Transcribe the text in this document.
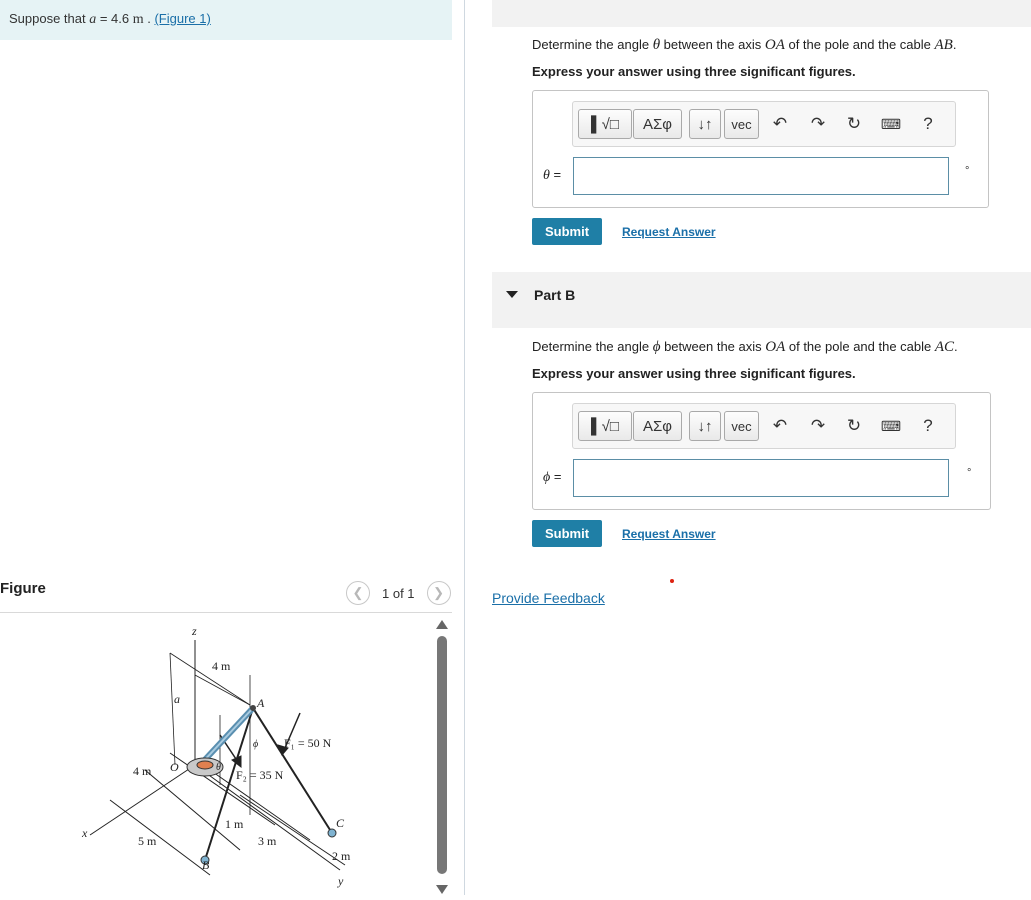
Suppose that a = 4.6 m . (Figure 1)
Figure	❮	1 of 1	❯
z
x
y
a
O
A
B
C
θ
ϕ
4 m
4 m
5 m
1 m
3 m
2 m
F₁ = 50 N
F₂ = 35 N
Determine the angle θ between the axis OA of the pole and the cable AB.
Express your answer using three significant figures.
▌√□ ΑΣφ ↓↑ vec ↶ ↷ ↻	⌨ ?
θ =	°
Submit	Request Answer
Part B
Determine the angle ϕ between the axis OA of the pole and the cable AC.
Express your answer using three significant figures.
▌√□ ΑΣφ ↓↑ vec ↶ ↷ ↻	⌨ ?
ϕ =	°
Submit	Request Answer
Provide Feedback
